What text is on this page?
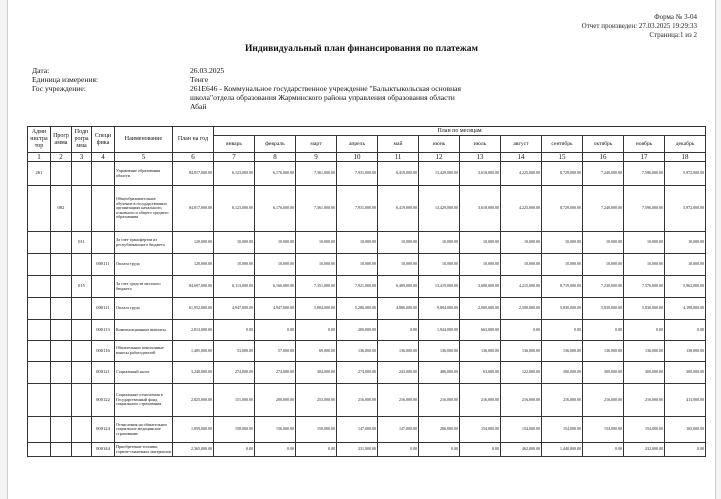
Форма № 3-04
Отчет произведен: 27.03.2025 19:29:33
Страница:1 из 2
Индивидуальный план финансирования по платежам
Дата:	26.03.2025
Единица измерения:	Тенге
Гос учреждение:	261E646 - Коммунальное государственное учреждение "Балыктыкольская основная школа"отдела образования Жарминского района управления образования области Абай
Адми нистра тор	Прогр амма	Подп рогра мма	Специ фика	Наименование	План на год	План по месяцам											
						январь	февраль	март	апрель	май	июнь	июль	август	сентябрь	октябрь	ноябрь	декабрь
1	2	3	4	5	6	7	8	9	10	11	12	13	14	15	16	17	18
261				Управление образования области	84,817,000.00	6,123,000.00	6,176,000.00	7,361,000.00	7,931,000.00	6,419,000.00	13,429,000.00	3,618,000.00	4,225,000.00	8,729,000.00	7,240,000.00	7,596,000.00	5,972,000.00
	082			Общеобразовательное обучение в государственных организациях начального, основного и общего среднего образования	84,817,000.00	6,123,000.00	6,176,000.00	7,361,000.00	7,931,000.00	6,419,000.00	13,429,000.00	3,618,000.00	4,225,000.00	8,729,000.00	7,240,000.00	7,596,000.00	5,972,000.00
		011		За счет трансфертов из республиканского бюджета	120,000.00	10,000.00	10,000.00	10,000.00	10,000.00	10,000.00	10,000.00	10,000.00	10,000.00	10,000.00	10,000.00	10,000.00	10,000.00
			000111	Оплата труда	120,000.00	10,000.00	10,000.00	10,000.00	10,000.00	10,000.00	10,000.00	10,000.00	10,000.00	10,000.00	10,000.00	10,000.00	10,000.00
		015		За счет средств местного бюджета	84,697,000.00	6,113,000.00	6,166,000.00	7,351,000.00	7,921,000.00	6,409,000.00	13,419,000.00	3,608,000.00	4,215,000.00	8,719,000.00	7,230,000.00	7,576,000.00	5,962,000.00
			000111	Оплата труда	61,952,000.00	4,947,000.00	4,947,000.00	5,804,000.00	5,286,000.00	4,886,000.00	9,894,000.00	2,000,000.00	2,500,000.00	5,830,000.00	5,830,000.00	5,830,000.00	4,198,000.00
			000113	Компенсационные выплаты	2,813,000.00	0.00	0.00	0.00	206,000.00	0.00	1,944,000.00	663,000.00	0.00	0.00	0.00	0.00	0.00
			000116	Обязательные пенсионные взносы работодателей	1,405,000.00	53,000.00	57,000.00	69,000.00	136,000.00	136,000.00	136,000.00	136,000.00	136,000.00	136,000.00	136,000.00	136,000.00	138,000.00
			000121	Социальный налог	3,240,000.00	274,000.00	274,000.00	304,000.00	274,000.00	243,000.00	486,000.00	63,000.00	122,000.00	300,000.00	300,000.00	300,000.00	300,000.00
			000122	Социальные отчисления в Государственный фонд социального страхования	2,825,000.00	151,000.00	200,000.00	253,000.00	216,000.00	216,000.00	216,000.00	216,000.00	216,000.00	216,000.00	216,000.00	216,000.00	413,000.00
			000124	Отчисления на обязательное социальное медицинское страхование	1,859,000.00	158,000.00	156,000.00	150,000.00	147,000.00	147,000.00	286,000.00	154,000.00	154,000.00	154,000.00	154,000.00	154,000.00	165,000.00
			000144	Приобретение топлива, горюче-смазочных материалов	2,365,000.00	0.00	0.00	0.00	231,000.00	0.00	0.00	0.00	462,000.00	1,440,000.00	0.00	232,000.00	0.00
